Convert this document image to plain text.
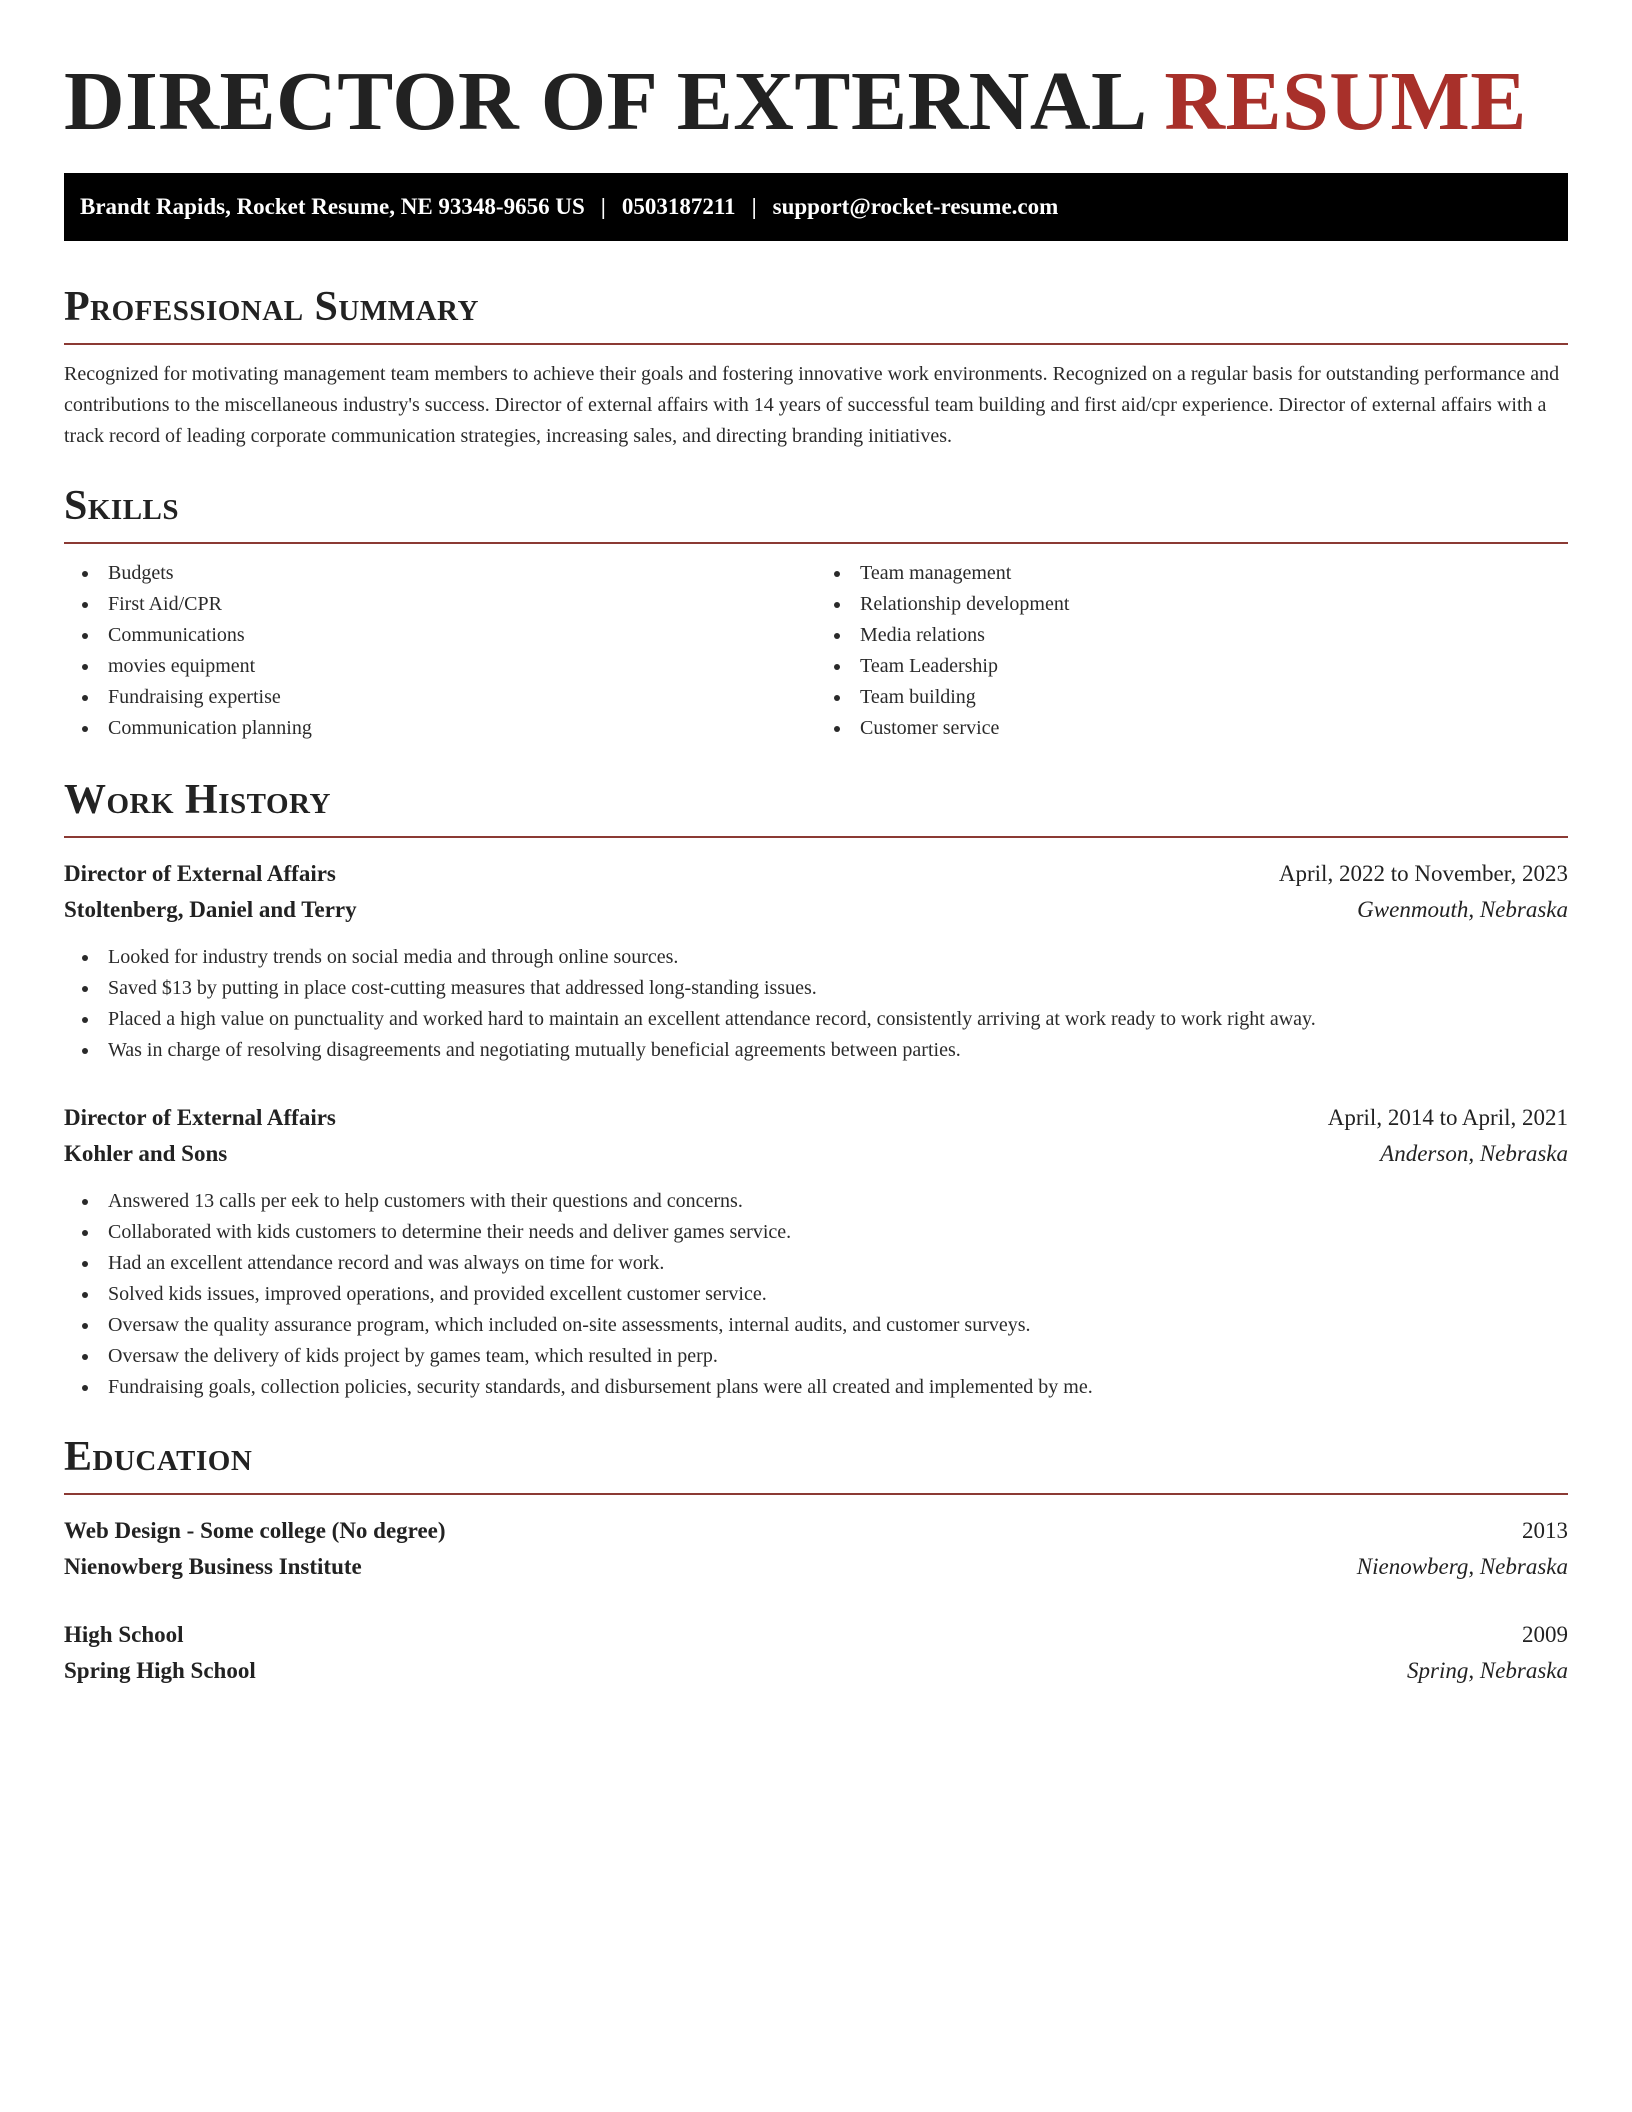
DIRECTOR OF EXTERNAL RESUME
Brandt Rapids, Rocket Resume, NE 93348-9656 US | 0503187211 | support@rocket-resume.com
Professional Summary

Recognized for motivating management team members to achieve their goals and fostering innovative work environments. Recognized on a regular basis for outstanding performance and contributions to the miscellaneous industry's success. Director of external affairs with 14 years of successful team building and first aid/cpr experience. Director of external affairs with a track record of leading corporate communication strategies, increasing sales, and directing branding initiatives.

Skills
Budgets
First Aid/CPR
Communications
movies equipment
Fundraising expertise
Communication planning
Team management
Relationship development
Media relations
Team Leadership
Team building
Customer service
Work History
Director of External Affairs	April, 2022 to November, 2023
Stoltenberg, Daniel and Terry	Gwenmouth, Nebraska
Looked for industry trends on social media and through online sources.
Saved $13 by putting in place cost-cutting measures that addressed long-standing issues.
Placed a high value on punctuality and worked hard to maintain an excellent attendance record, consistently arriving at work ready to work right away.
Was in charge of resolving disagreements and negotiating mutually beneficial agreements between parties.
Director of External Affairs	April, 2014 to April, 2021
Kohler and Sons	Anderson, Nebraska
Answered 13 calls per eek to help customers with their questions and concerns.
Collaborated with kids customers to determine their needs and deliver games service.
Had an excellent attendance record and was always on time for work.
Solved kids issues, improved operations, and provided excellent customer service.
Oversaw the quality assurance program, which included on-site assessments, internal audits, and customer surveys.
Oversaw the delivery of kids project by games team, which resulted in perp.
Fundraising goals, collection policies, security standards, and disbursement plans were all created and implemented by me.
Education
Web Design - Some college (No degree)	2013
Nienowberg Business Institute	Nienowberg, Nebraska
High School	2009
Spring High School	Spring, Nebraska
